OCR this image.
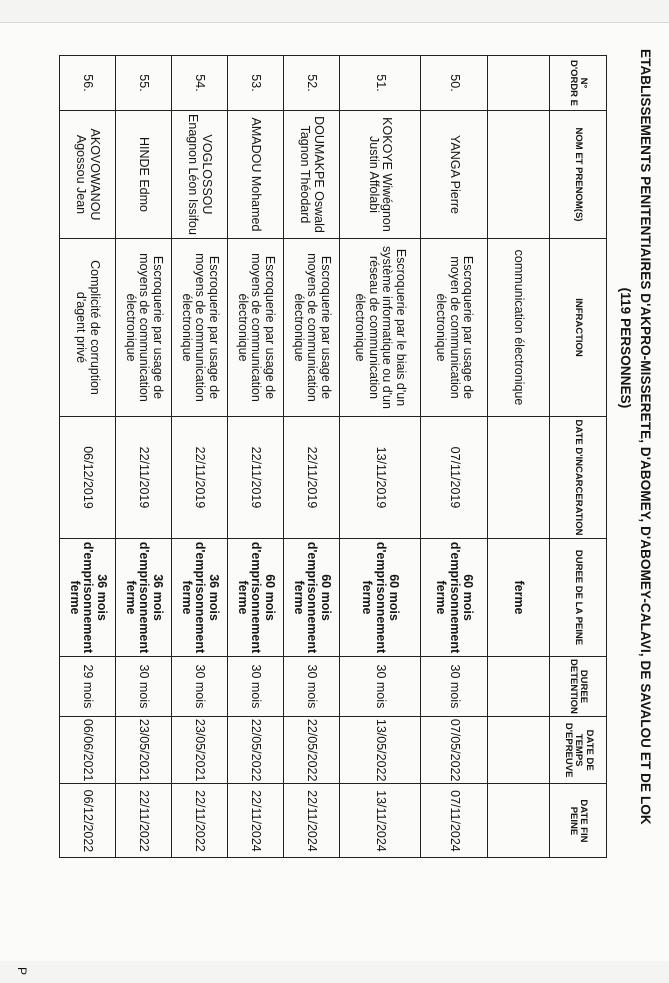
ETABLISSEMENTS PENITENTIAIRES D'AKPRO-MISSERETE, D'ABOMEY, D'ABOMEY-CALAVI, DE SAVALOU ET DE LOK
(119 PERSONNES)
N° D'ORDR E	NOM ET PRENOM(S)	INFRACTION	DATE D'INCARCERATION	DUREE DE LA PEINE	DUREE DETENTION	DATE DE TEMPS D'EPREUVE	DATE FIN PEINE
		communication électronique		ferme			
50.	YANGA Pierre	Escroquerie par usage de moyen de communication électronique	07/11/2019	60 mois d'emprisonnement ferme	30 mois	07/05/2022	07/11/2024
51.	KOKOYE Wiwégnon Justin Affolabi	Escroquerie par le biais d'un système informatique ou d'un réseau de communication électronique	13/11/2019	60 mois d'emprisonnement ferme	30 mois	13/05/2022	13/11/2024
52.	DOUMAKPE Oswald Tagnon Théodard	Escroquerie par usage de moyens de communication électronique	22/11/2019	60 mois d'emprisonnement ferme	30 mois	22/05/2022	22/11/2024
53.	AMADOU Mohamed	Escroquerie par usage de moyens de communication électronique	22/11/2019	60 mois d'emprisonnement ferme	30 mois	22/05/2022	22/11/2024
54.	VOGLOSSOU Enagnon Léon Issifou	Escroquerie par usage de moyens de communication électronique	22/11/2019	36 mois d'emprisonnement ferme	30 mois	23/05/2021	22/11/2022
55.	HINDE Edmo	Escroquerie par usage de moyens de communication électronique	22/11/2019	36 mois d'emprisonnement ferme	30 mois	23/05/2021	22/11/2022
56.	AKOVOWANOU Agossou Jean	Complicité de corruption d'agent privé	06/12/2019	36 mois d'emprisonnement ferme	29 mois	06/06/2021	06/12/2022
P
